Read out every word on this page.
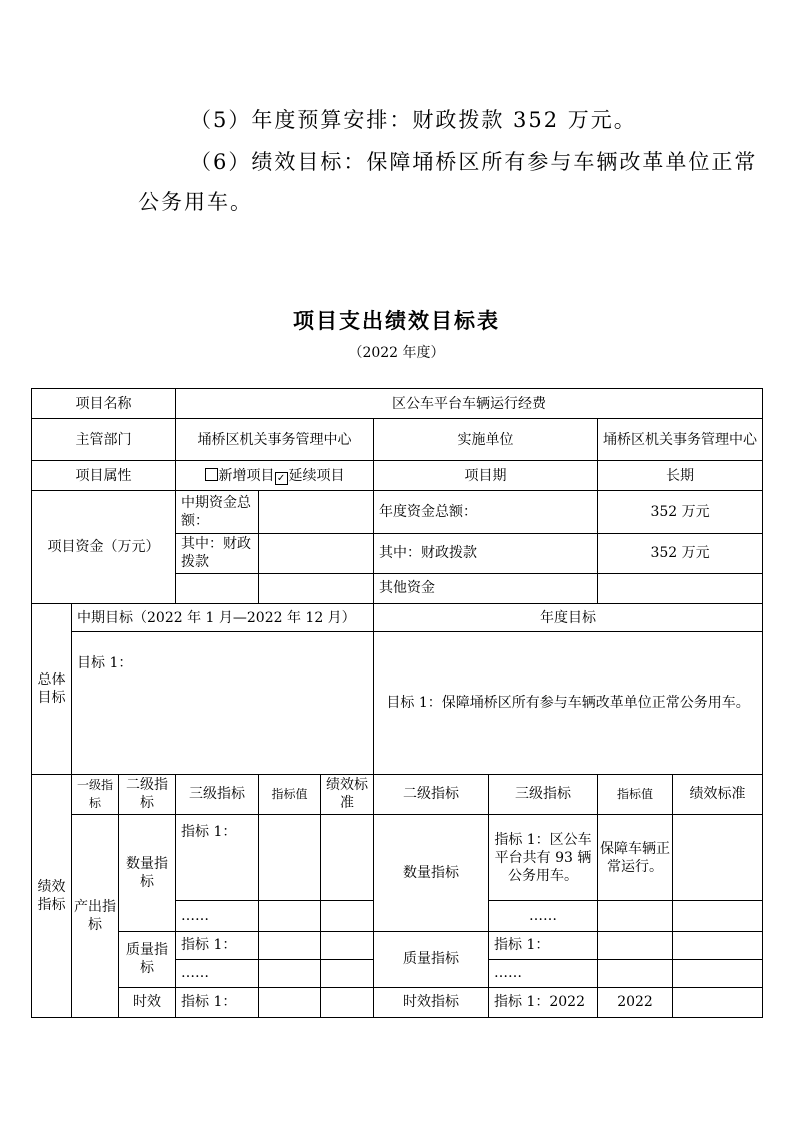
（5）年度预算安排：财政拨款 352 万元。
（6）绩效目标：保障埇桥区所有参与车辆改革单位正常
公务用车。
项目支出绩效目标表
（2022 年度）
项目名称			区公车平台车辆运行经费						
主管部门			埇桥区机关事务管理中心			实施单位		埇桥区机关事务管理中心	
项目属性			新增项目 ✓ 延续项目			项目期		长期	
项目资金（万元）			中期资金总额：			年度资金总额：		352 万元	
			其中：财政拨款			其中：财政拨款		352 万元	
						其他资金			
总体目标	中期目标（2022 年 1 月—2022 年 12 月）					年度目标			
	目标 1：					目标 1：保障埇桥区所有参与车辆改革单位正常公务用车。			
绩效指标	一级指标	二级指标	三级指标	指标值	绩效标准	二级指标	三级指标	指标值	绩效标准
	产出指标	数量指标	指标 1：			数量指标	指标 1：区公车平台共有 93 辆公务用车。	保障车辆正常运行。	
			……				……		
		质量指标	指标 1：			质量指标	指标 1：		
			……				……		
		时效	指标 1：			时效指标	指标 1：2022	2022	
